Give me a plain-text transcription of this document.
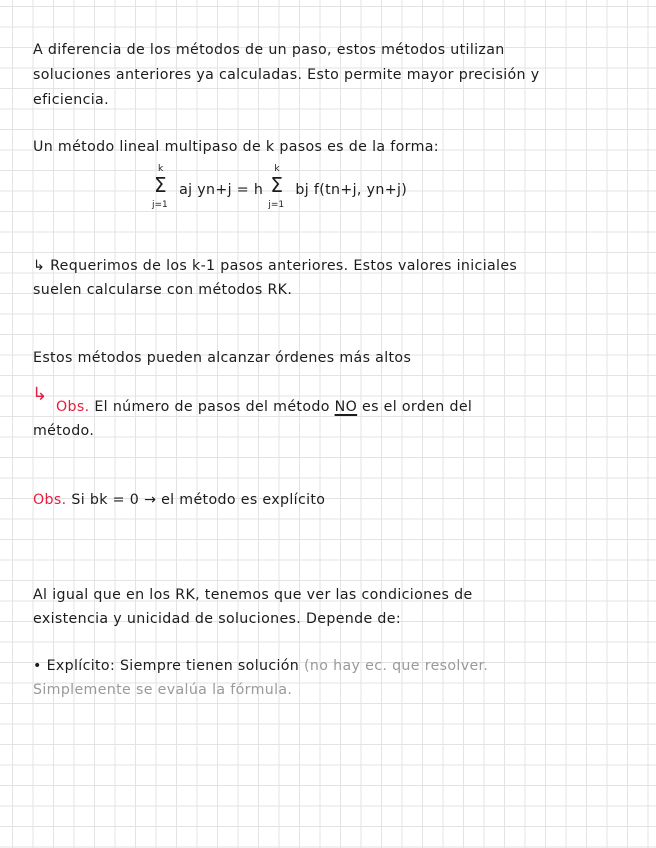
A diferencia de los métodos de un paso, estos métodos utilizan
soluciones anteriores ya calculadas. Esto permite mayor precisión y
eficiencia.
Un método lineal multipaso de k pasos es de la forma:
k
Σ
j=1
aj yn+j = h
k
Σ
j=1
bj f(tn+j, yn+j)
↳ Requerimos de los k-1 pasos anteriores. Estos valores iniciales
suelen calcularse con métodos RK.
Estos métodos pueden alcanzar órdenes más altos
↳
Obs. El número de pasos del método NO es el orden del
método.
Obs. Si bk = 0 → el método es explícito
Al igual que en los RK, tenemos que ver las condiciones de
existencia y unicidad de soluciones. Depende de:
• Explícito: Siempre tienen solución (no hay ec. que resolver.
Simplemente se evalúa la fórmula.
